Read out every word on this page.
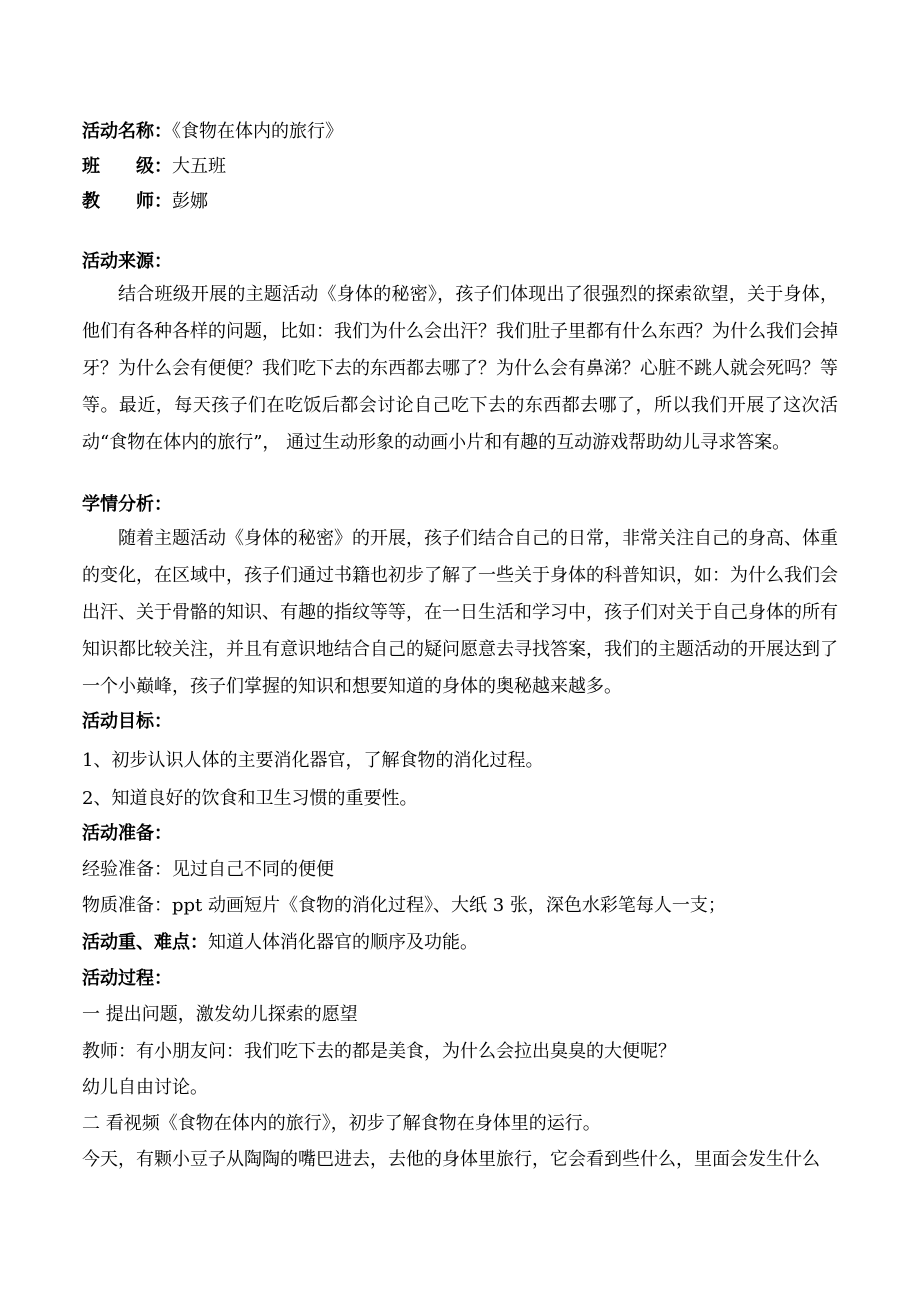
活动名称：《食物在体内的旅行》
班 级：大五班
教 师：彭娜
活动来源：
结合班级开展的主题活动《身体的秘密》，孩子们体现出了很强烈的探索欲望，关于身体，他们有各种各样的问题，比如：我们为什么会出汗？我们肚子里都有什么东西？为什么我们会掉牙？为什么会有便便？我们吃下去的东西都去哪了？为什么会有鼻涕？心脏不跳人就会死吗？等等。最近，每天孩子们在吃饭后都会讨论自己吃下去的东西都去哪了，所以我们开展了这次活动“食物在体内的旅行”， 通过生动形象的动画小片和有趣的互动游戏帮助幼儿寻求答案。
学情分析：
随着主题活动《身体的秘密》的开展，孩子们结合自己的日常，非常关注自己的身高、体重的变化，在区域中，孩子们通过书籍也初步了解了一些关于身体的科普知识，如：为什么我们会出汗、关于骨骼的知识、有趣的指纹等等，在一日生活和学习中，孩子们对关于自己身体的所有知识都比较关注，并且有意识地结合自己的疑问愿意去寻找答案，我们的主题活动的开展达到了一个小巅峰，孩子们掌握的知识和想要知道的身体的奥秘越来越多。
活动目标：
1、初步认识人体的主要消化器官，了解食物的消化过程。
2、知道良好的饮食和卫生习惯的重要性。
活动准备：
经验准备：见过自己不同的便便
物质准备：ppt 动画短片《食物的消化过程》、大纸 3 张，深色水彩笔每人一支；
活动重、难点：知道人体消化器官的顺序及功能。
活动过程：
一 提出问题，激发幼儿探索的愿望
教师：有小朋友问：我们吃下去的都是美食，为什么会拉出臭臭的大便呢？
幼儿自由讨论。
二 看视频《食物在体内的旅行》，初步了解食物在身体里的运行。
今天，有颗小豆子从陶陶的嘴巴进去，去他的身体里旅行，它会看到些什么，里面会发生什么
